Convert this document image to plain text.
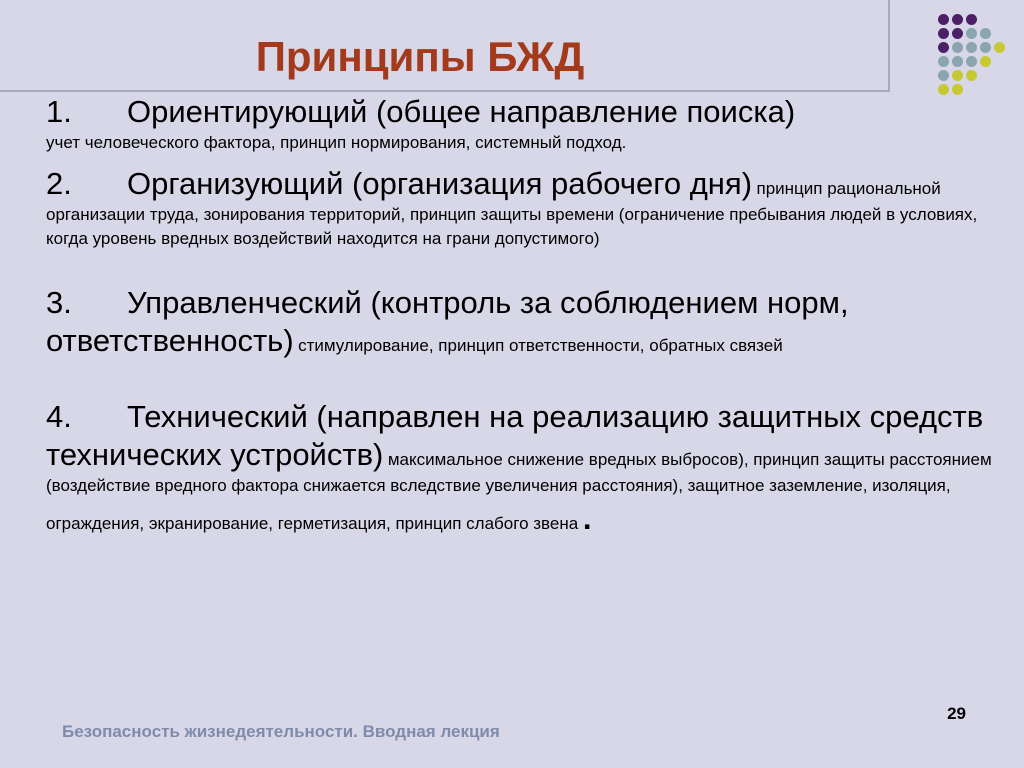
Принципы БЖД
1. Ориентирующий (общее направление поиска)
учет человеческого фактора, принцип нормирования, системный подход.
2. Организующий (организация рабочего дня) принцип рациональной организации труда, зонирования территорий, принцип защиты времени (ограничение пребывания людей в условиях, когда уровень вредных воздействий находится на грани допустимого)
3. Управленческий (контроль за соблюдением норм, ответственность) стимулирование, принцип ответственности, обратных связей
4. Технический (направлен на реализацию защитных средств технических устройств) максимальное снижение вредных выбросов), принцип защиты расстоянием (воздействие вредного фактора снижается вследствие увеличения расстояния), защитное заземление, изоляция,
ограждения, экранирование, герметизация, принцип слабого звена .

29

Безопасность жизнедеятельности. Вводная лекция
